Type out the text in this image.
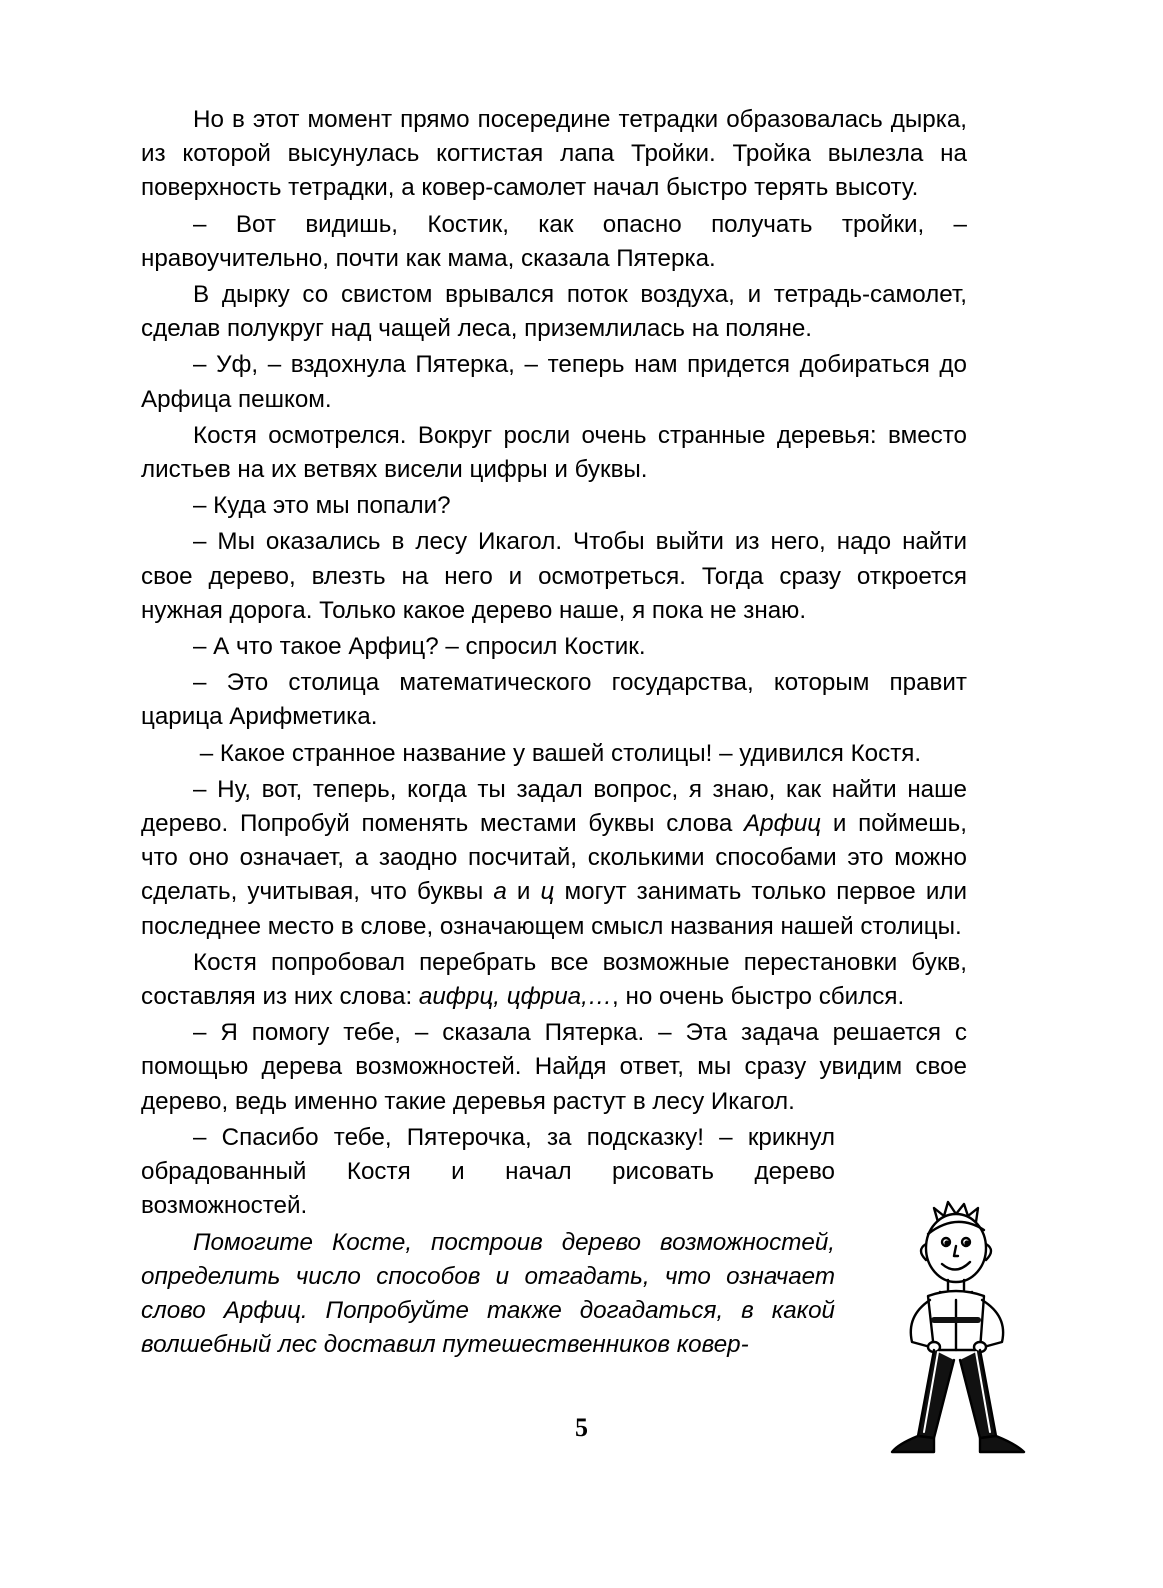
Но в этот момент прямо посередине тетрадки образовалась дырка, из которой высунулась когтистая лапа Тройки. Тройка вылезла на поверхность тетрадки, а ковер-самолет начал быстро терять высоту.

– Вот видишь, Костик, как опасно получать тройки, – нравоучительно, почти как мама, сказала Пятерка.

В дырку со свистом врывался поток воздуха, и тетрадь-самолет, сделав полукруг над чащей леса, приземлилась на поляне.

– Уф, – вздохнула Пятерка, – теперь нам придется добираться до Арфица пешком.

Костя осмотрелся. Вокруг росли очень странные деревья: вместо листьев на их ветвях висели цифры и буквы.

– Куда это мы попали?

– Мы оказались в лесу Икагол. Чтобы выйти из него, надо найти свое дерево, влезть на него и осмотреться. Тогда сразу откроется нужная дорога. Только какое дерево наше, я пока не знаю.

– А что такое Арфиц? – спросил Костик.

– Это столица математического государства, которым правит царица Арифметика.

– Какое странное название у вашей столицы! – удивился Костя.

– Ну, вот, теперь, когда ты задал вопрос, я знаю, как найти наше дерево. Попробуй поменять местами буквы слова Арфиц и поймешь, что оно означает, а заодно посчитай, сколькими способами это можно сделать, учитывая, что буквы а и ц могут занимать только первое или последнее место в слове, означающем смысл названия нашей столицы.

Костя попробовал перебрать все возможные перестановки букв, составляя из них слова: аифрц, цфриа,…, но очень быстро сбился.

– Я помогу тебе, – сказала Пятерка. – Эта задача решается с помощью дерева возможностей. Найдя ответ, мы сразу увидим свое дерево, ведь именно такие деревья растут в лесу Икагол.

– Спасибо тебе, Пятерочка, за подсказку! – крикнул обрадованный Костя и начал рисовать дерево возможностей.

Помогите Косте, построив дерево возможностей, определить число способов и отгадать, что означает слово Арфиц. Попробуйте также догадаться, в какой волшебный лес доставил путешественников ковер-

5
